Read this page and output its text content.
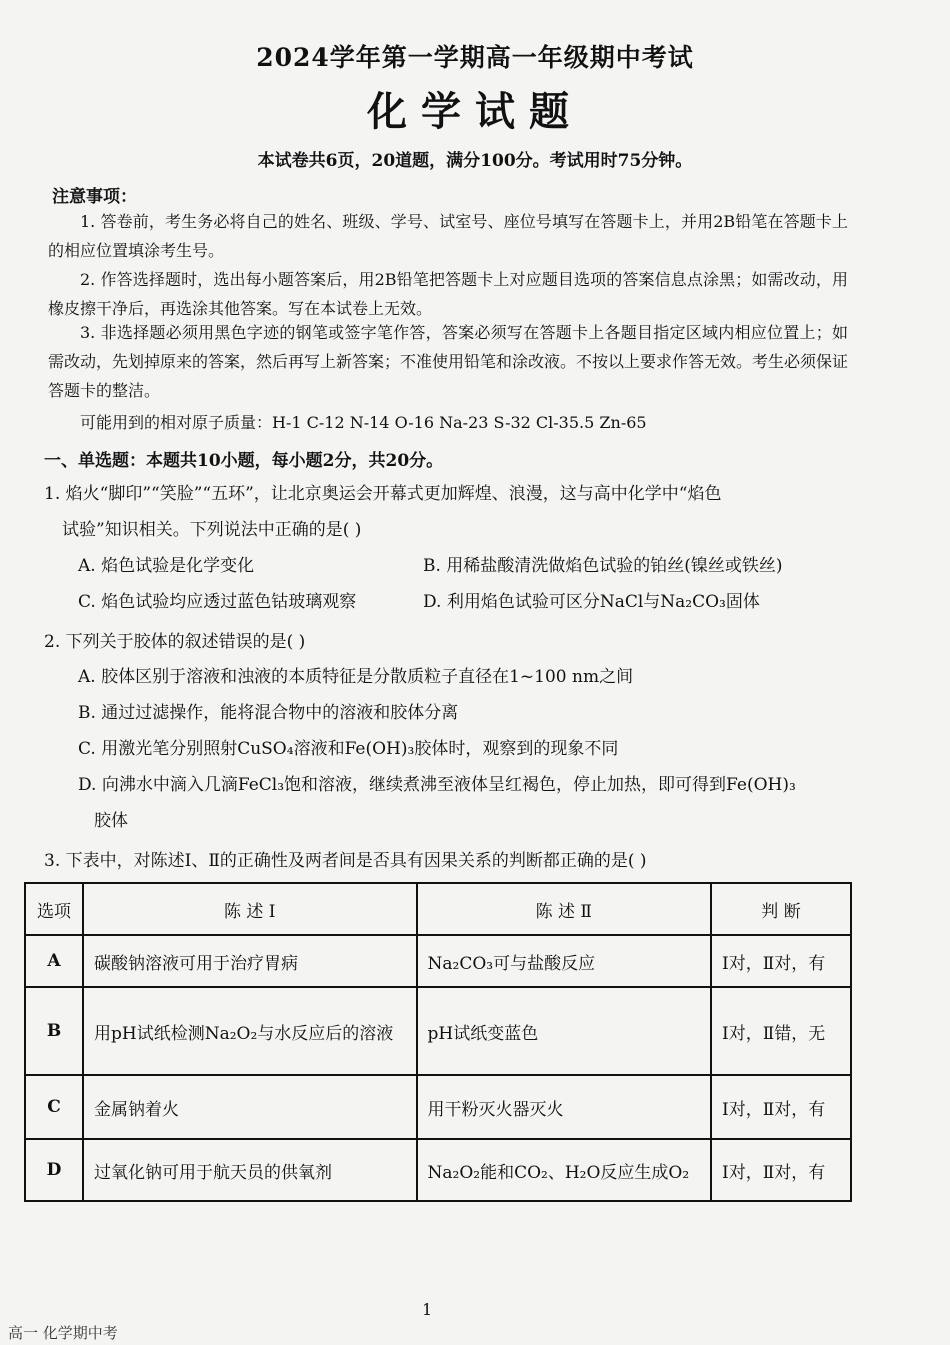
2024学年第一学期高一年级期中考试
化学试题
本试卷共6页，20道题，满分100分。考试用时75分钟。
注意事项：
1. 答卷前，考生务必将自己的姓名、班级、学号、试室号、座位号填写在答题卡上，并用2B铅笔在答题卡上的相应位置填涂考生号。
2. 作答选择题时，选出每小题答案后，用2B铅笔把答题卡上对应题目选项的答案信息点涂黑；如需改动，用橡皮擦干净后，再选涂其他答案。写在本试卷上无效。
3. 非选择题必须用黑色字迹的钢笔或签字笔作答，答案必须写在答题卡上各题目指定区域内相应位置上；如需改动，先划掉原来的答案，然后再写上新答案；不准使用铅笔和涂改液。不按以上要求作答无效。考生必须保证答题卡的整洁。
可能用到的相对原子质量：H-1 C-12 N-14 O-16 Na-23 S-32 Cl-35.5 Zn-65
一、单选题：本题共10小题，每小题2分，共20分。
1. 焰火“脚印”“笑脸”“五环”，让北京奥运会开幕式更加辉煌、浪漫，这与高中化学中“焰色
试验”知识相关。下列说法中正确的是( )
A. 焰色试验是化学变化	B. 用稀盐酸清洗做焰色试验的铂丝(镍丝或铁丝)
C. 焰色试验均应透过蓝色钴玻璃观察	D. 利用焰色试验可区分NaCl与Na₂CO₃固体
2. 下列关于胶体的叙述错误的是( )
A. 胶体区别于溶液和浊液的本质特征是分散质粒子直径在1~100 nm之间
B. 通过过滤操作，能将混合物中的溶液和胶体分离
C. 用激光笔分别照射CuSO₄溶液和Fe(OH)₃胶体时，观察到的现象不同
D. 向沸水中滴入几滴FeCl₃饱和溶液，继续煮沸至液体呈红褐色，停止加热，即可得到Fe(OH)₃
胶体
3. 下表中，对陈述Ⅰ、Ⅱ的正确性及两者间是否具有因果关系的判断都正确的是( )
选项	陈 述 Ⅰ	陈 述 Ⅱ	判 断
A	碳酸钠溶液可用于治疗胃病	Na₂CO₃可与盐酸反应	Ⅰ对，Ⅱ对，有
B	用pH试纸检测Na₂O₂与水反应后的溶液	pH试纸变蓝色	Ⅰ对，Ⅱ错，无
C	金属钠着火	用干粉灭火器灭火	Ⅰ对，Ⅱ对，有
D	过氧化钠可用于航天员的供氧剂	Na₂O₂能和CO₂、H₂O反应生成O₂	Ⅰ对，Ⅱ对，有
1
高一 化学期中考
